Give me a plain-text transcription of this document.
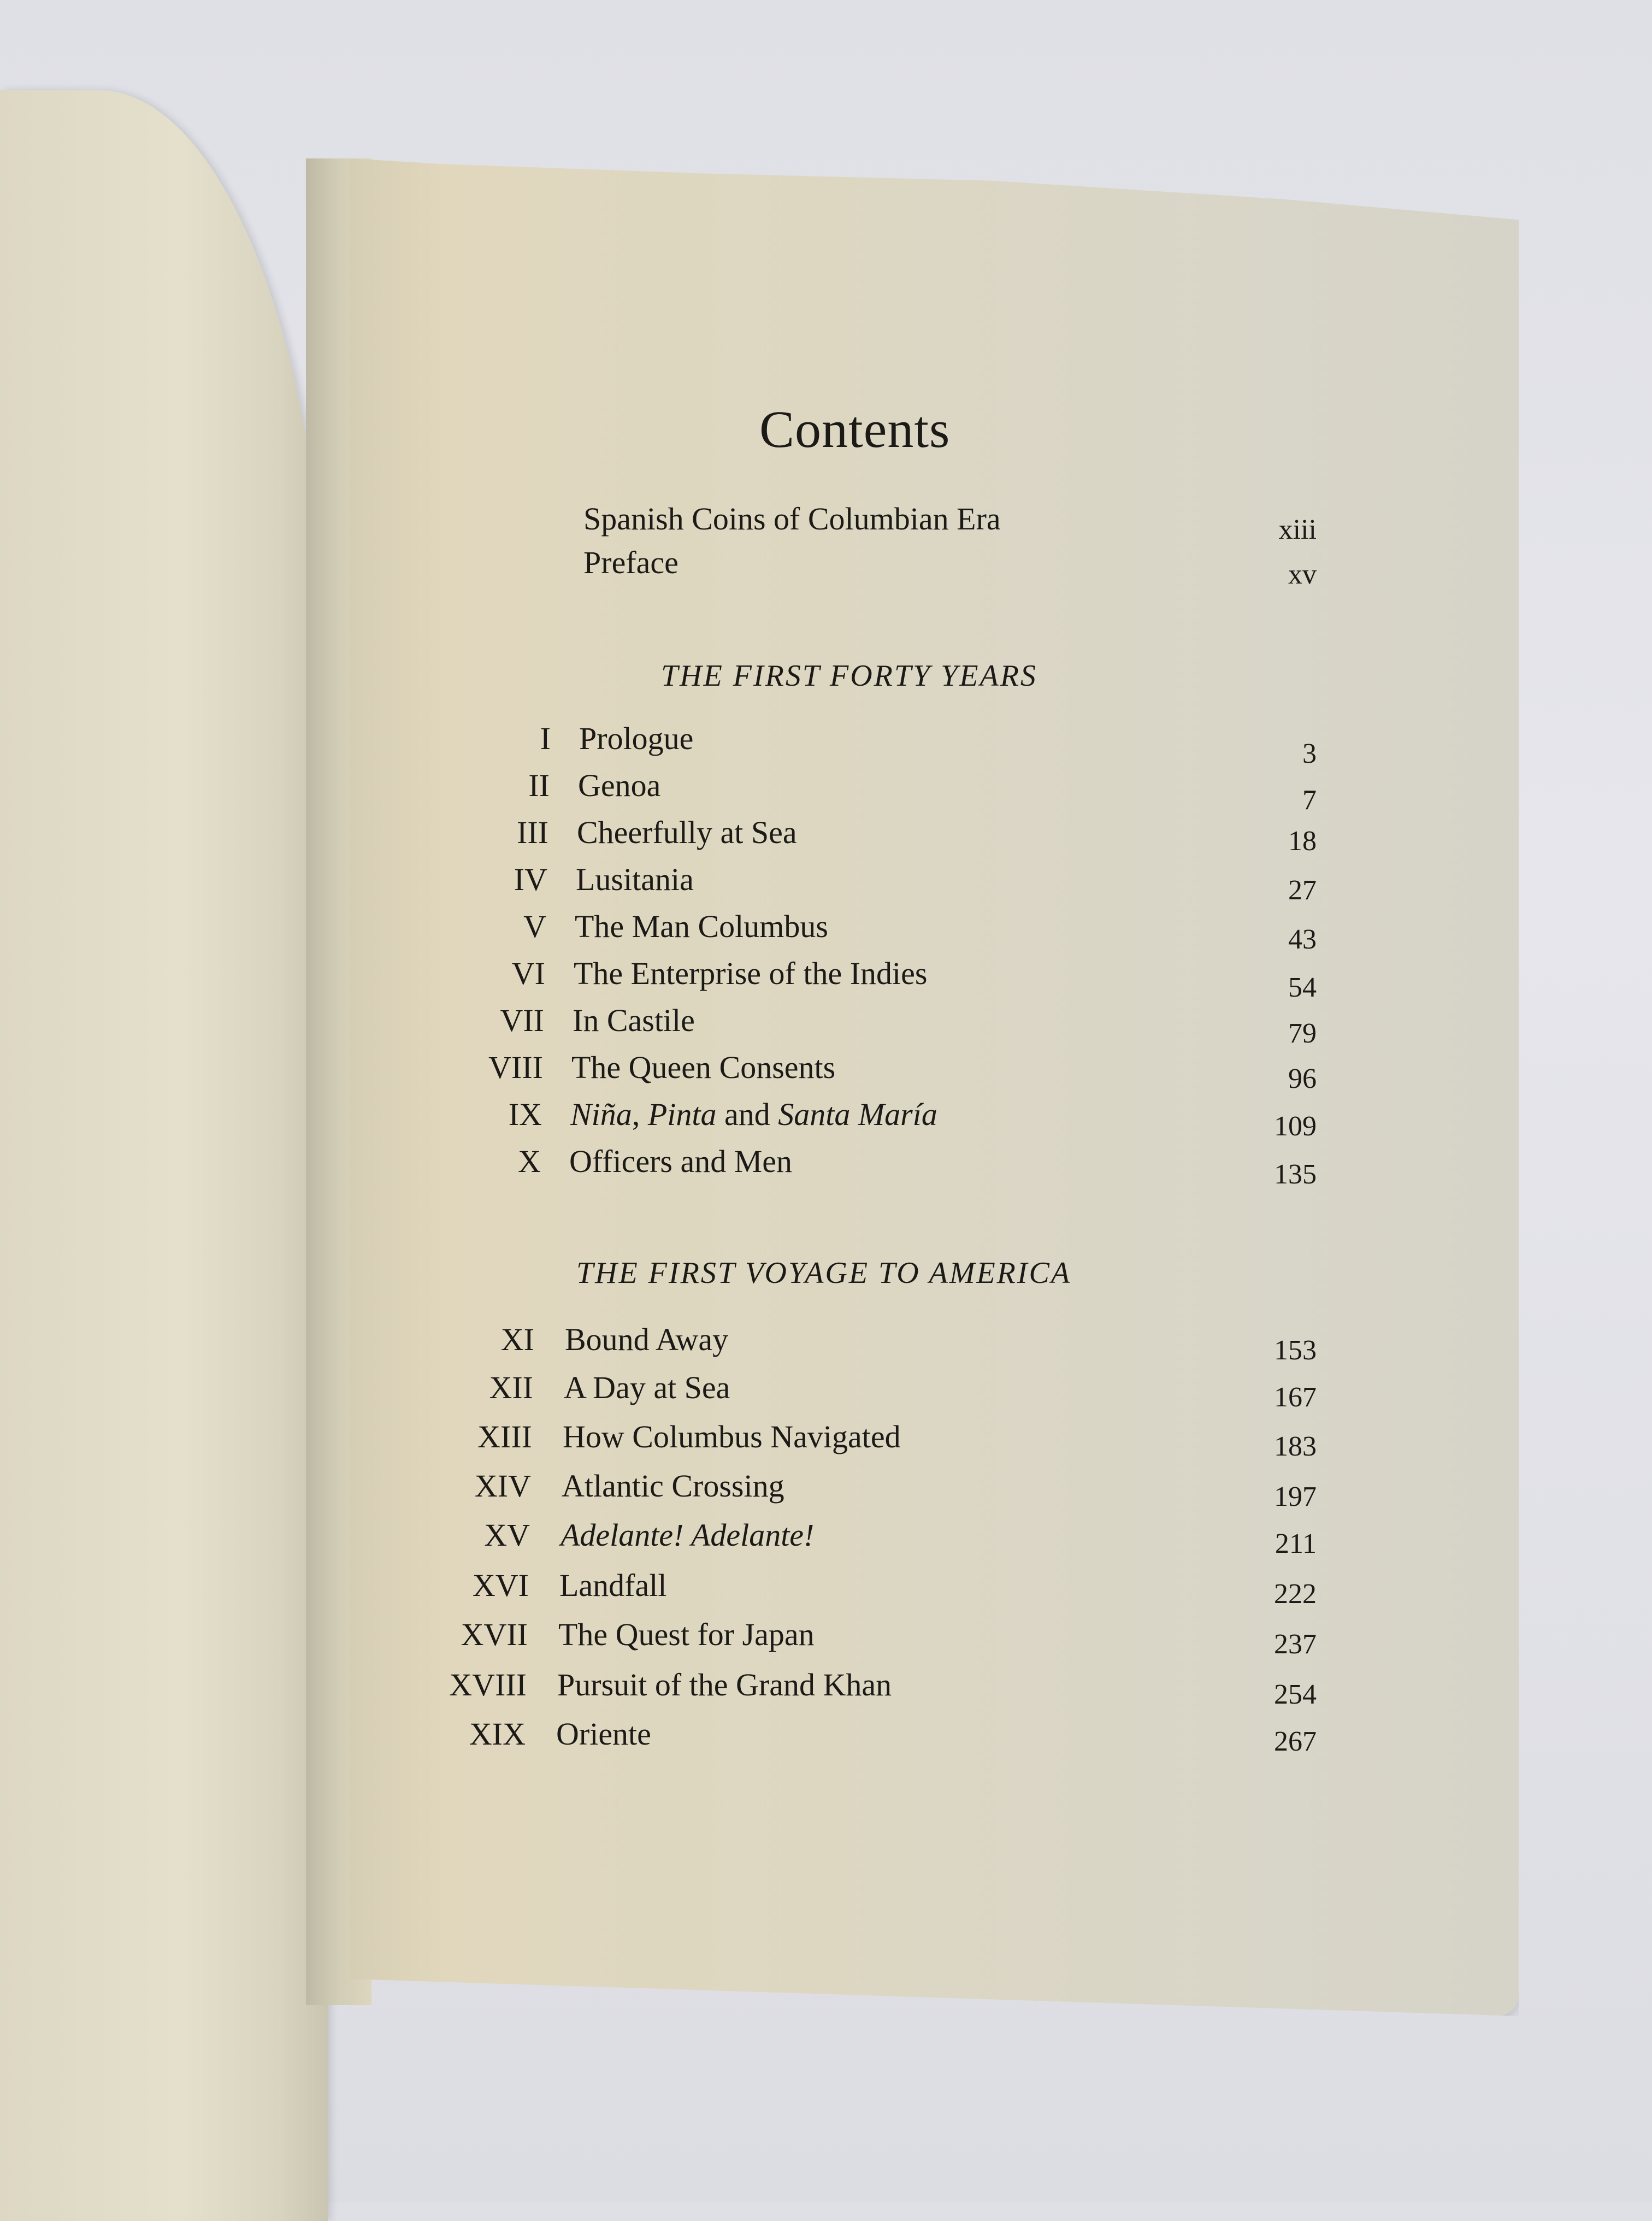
Contents
Spanish Coins of Columbian Era	xiii
Preface	xv
THE FIRST FORTY YEARS
I Prologue	3
II Genoa	7
III Cheerfully at Sea	18
IV Lusitania	27
V The Man Columbus	43
VI The Enterprise of the Indies	54
VII In Castile	79
VIII The Queen Consents	96
IX Niña, Pinta and Santa María	109
X Officers and Men	135
THE FIRST VOYAGE TO AMERICA
XI Bound Away	153
XII A Day at Sea	167
XIII How Columbus Navigated	183
XIV Atlantic Crossing	197
XV Adelante! Adelante!	211
XVI Landfall	222
XVII The Quest for Japan	237
XVIII Pursuit of the Grand Khan	254
XIX Oriente	267
